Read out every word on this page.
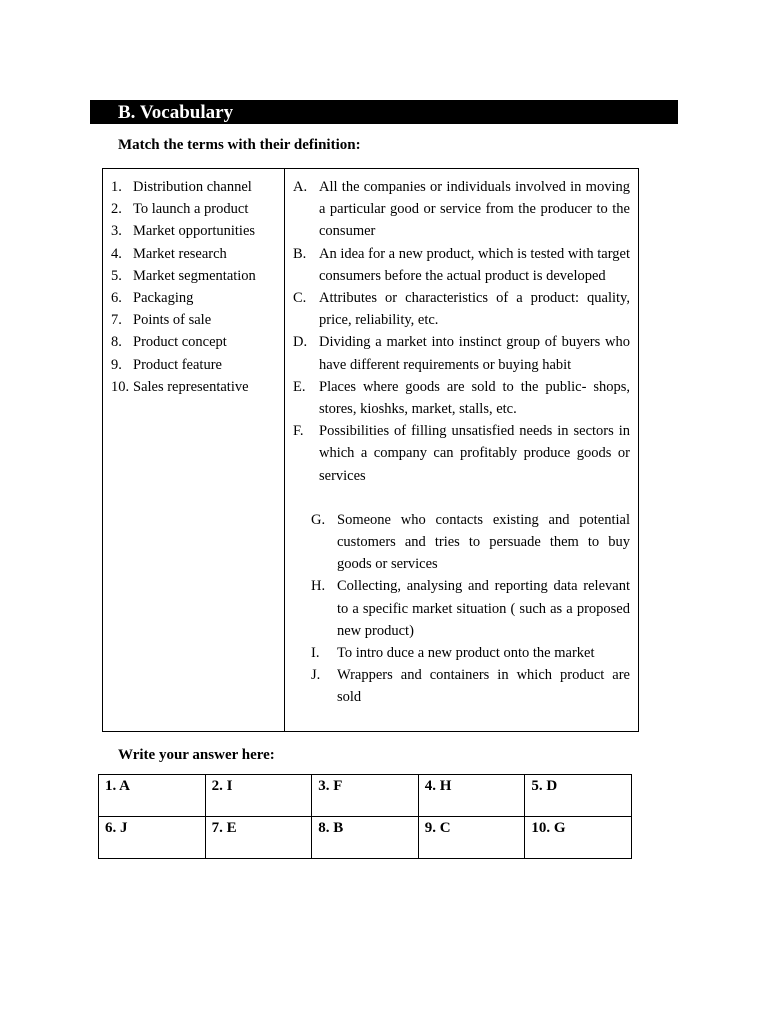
B. Vocabulary
Match the terms with their definition:
1. Distribution channel
2. To launch a product
3. Market opportunities
4. Market research
5. Market segmentation
6. Packaging
7. Points of sale
8. Product concept
9. Product feature
10. Sales representative
A. All the companies or individuals involved in moving a particular good or service from the producer to the consumer
B. An idea for a new product, which is tested with target consumers before the actual product is developed
C. Attributes or characteristics of a product: quality, price, reliability, etc.
D. Dividing a market into instinct group of buyers who have different requirements or buying habit
E. Places where goods are sold to the public- shops, stores, kioshks, market, stalls, etc.
F.	Possibilities of filling unsatisfied needs in sectors in which a company can profitably produce goods or services
G. Someone who contacts existing and potential customers and tries to persuade them to buy goods or services
H. Collecting, analysing and reporting data relevant to a specific market situation ( such as a proposed new product)
I.	To intro duce a new product onto the market
J.	Wrappers and containers in which product are sold
Write your answer here:
1. A	2. I	3. F	4. H	5. D
6. J	7. E	8. B	9. C	10. G
